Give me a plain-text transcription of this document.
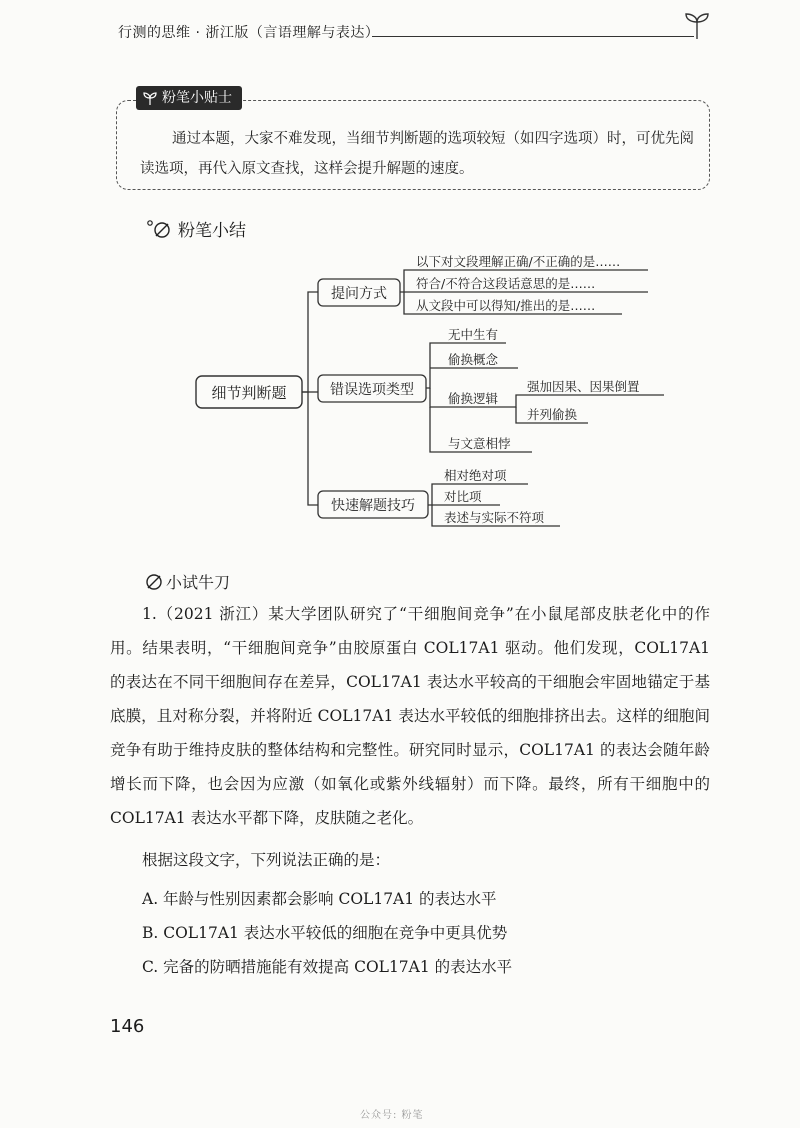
行测的思维 · 浙江版（言语理解与表达）
粉笔小贴士

通过本题，大家不难发现，当细节判断题的选项较短（如四字选项）时，可优先阅读选项，再代入原文查找，这样会提升解题的速度。

粉笔小结
细节判断题
提问方式
错误选项类型
快速解题技巧
以下对文段理解正确/不正确的是……
符合/不符合这段话意思的是……
从文段中可以得知/推出的是……
无中生有
偷换概念
偷换逻辑
与文意相悖
强加因果、因果倒置
并列偷换
相对绝对项
对比项
表述与实际不符项
小试牛刀

1.（2021 浙江）某大学团队研究了“干细胞间竞争”在小鼠尾部皮肤老化中的作用。结果表明，“干细胞间竞争”由胶原蛋白 COL17A1 驱动。他们发现，COL17A1 的表达在不同干细胞间存在差异，COL17A1 表达水平较高的干细胞会牢固地锚定于基底膜，且对称分裂，并将附近 COL17A1 表达水平较低的细胞排挤出去。这样的细胞间竞争有助于维持皮肤的整体结构和完整性。研究同时显示，COL17A1 的表达会随年龄增长而下降，也会因为应激（如氧化或紫外线辐射）而下降。最终，所有干细胞中的 COL17A1 表达水平都下降，皮肤随之老化。

根据这段文字，下列说法正确的是：
A. 年龄与性别因素都会影响 COL17A1 的表达水平
B. COL17A1 表达水平较低的细胞在竞争中更具优势
C. 完备的防晒措施能有效提高 COL17A1 的表达水平
146
公众号: 粉笔
